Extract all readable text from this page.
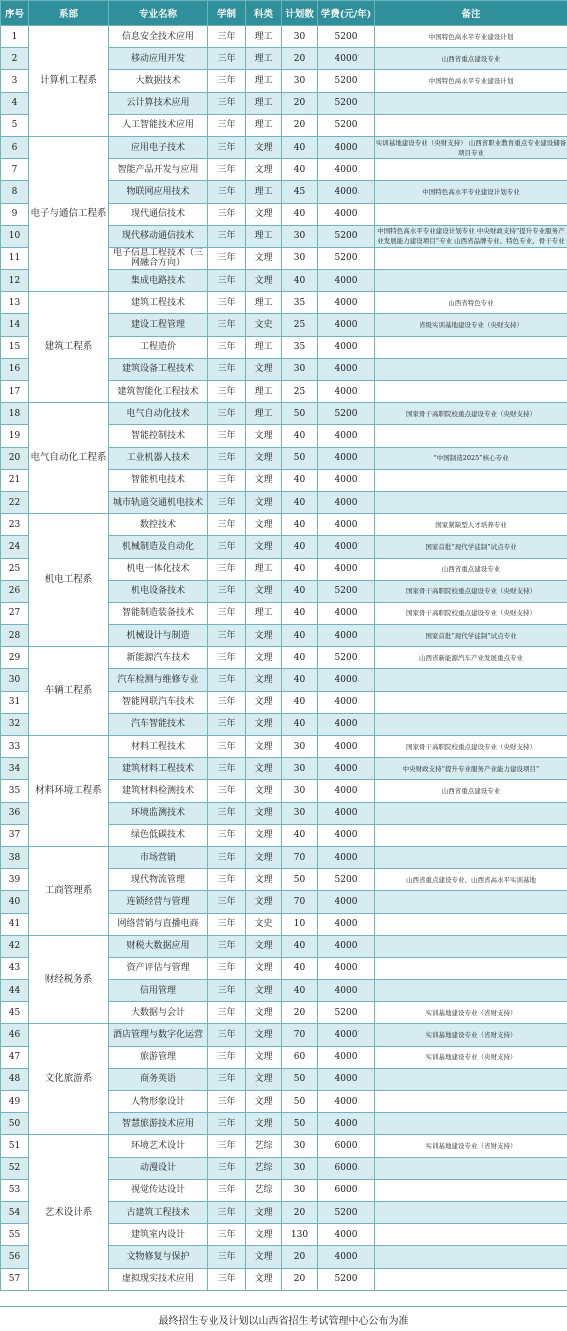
序号	系部	专业名称	学制	科类	计划数	学费(元/年)	备注
1	计算机工程系	信息安全技术应用	三年	理工	30	5200	中国特色高水平专业建设计划
2		移动应用开发	三年	理工	20	4000	山西省重点建设专业
3		大数据技术	三年	理工	30	5200	中国特色高水平专业建设计划
4		云计算技术应用	三年	理工	20	5200	
5		人工智能技术应用	三年	理工	20	5200	
6	电子与通信工程系	应用电子技术	三年	文理	40	4000	实训基地建设专业（央财支持） 山西省职业教育重点专业建设储备项目专业
7		智能产品开发与应用	三年	文理	40	4000	
8		物联网应用技术	三年	理工	45	4000	中国特色高水平专业建设计划专业
9		现代通信技术	三年	文理	40	4000	
10		现代移动通信技术	三年	理工	30	5200	中国特色高水平专业建设计划专业 中央财政支持“提升专业服务产业发展能力建设项目”专业 山西省品牌专业、特色专业、骨干专业
11		电子信息工程技术（三网融合方向）	三年	文理	30	5200	
12		集成电路技术	三年	文理	40	4000	
13	建筑工程系	建筑工程技术	三年	理工	35	4000	山西省特色专业
14		建设工程管理	三年	文史	25	4000	省级实训基地建设专业（央财支持）
15		工程造价	三年	理工	35	4000	
16		建筑设备工程技术	三年	文理	30	4000	
17		建筑智能化工程技术	三年	理工	25	4000	
18	电气自动化工程系	电气自动化技术	三年	理工	50	5200	国家骨干高职院校重点建设专业（央财支持）
19		智能控制技术	三年	文理	40	4000	
20		工业机器人技术	三年	文理	50	4000	“中国制造2025”核心专业
21		智能机电技术	三年	文理	40	4000	
22		城市轨道交通机电技术	三年	文理	40	4000	
23	机电工程系	数控技术	三年	文理	40	4000	国家紧缺型人才培养专业
24		机械制造及自动化	三年	文理	40	4000	国家首批“现代学徒制”试点专业
25		机电一体化技术	三年	理工	40	4000	山西省重点建设专业
26		机电设备技术	三年	文理	40	5200	国家骨干高职院校重点建设专业（央财支持）
27		智能制造装备技术	三年	理工	40	4000	国家骨干高职院校重点建设专业（央财支持）
28		机械设计与制造	三年	文理	40	4000	国家首批“现代学徒制”试点专业
29	车辆工程系	新能源汽车技术	三年	文理	40	5200	山西省新能源汽车产业发展重点专业
30		汽车检测与维修专业	三年	文理	40	4000	
31		智能网联汽车技术	三年	文理	40	4000	
32		汽车智能技术	三年	文理	40	4000	
33	材料环境工程系	材料工程技术	三年	文理	30	4000	国家骨干高职院校重点建设专业（央财支持）
34		建筑材料工程技术	三年	文理	30	4000	中央财政支持“提升专业服务产业能力建设项目”
35		建筑材料检测技术	三年	文理	30	4000	山西省重点建设专业
36		环境监测技术	三年	文理	30	4000	
37		绿色低碳技术	三年	文理	40	4000	
38	工商管理系	市场营销	三年	文理	70	4000	
39		现代物流管理	三年	文理	50	5200	山西省重点建设专业、山西省高水平实训基地
40		连锁经营与管理	三年	文理	70	4000	
41		网络营销与直播电商	三年	文史	10	4000	
42	财经税务系	财税大数据应用	三年	文理	40	4000	
43		资产评估与管理	三年	文理	40	4000	
44		信用管理	三年	文理	40	4000	
45		大数据与会计	三年	文理	20	5200	实训基地建设专业（省财支持）
46	文化旅游系	酒店管理与数字化运营	三年	文理	70	4000	实训基地建设专业（省财支持）
47		旅游管理	三年	文理	60	4000	实训基地建设专业（央财支持）
48		商务英语	三年	文理	50	4000	
49		人物形象设计	三年	文理	50	4000	
50		智慧旅游技术应用	三年	文理	50	4000	
51	艺术设计系	环境艺术设计	三年	艺综	30	6000	实训基地建设专业（省财支持）
52		动漫设计	三年	艺综	30	6000	
53		视觉传达设计	三年	艺综	30	6000	
54		古建筑工程技术	三年	文理	20	5200	
55		建筑室内设计	三年	文理	130	4000	
56		文物修复与保护	三年	文理	20	4000	
57		虚拟现实技术应用	三年	文理	20	5200	
最终招生专业及计划以山西省招生考试管理中心公布为准
